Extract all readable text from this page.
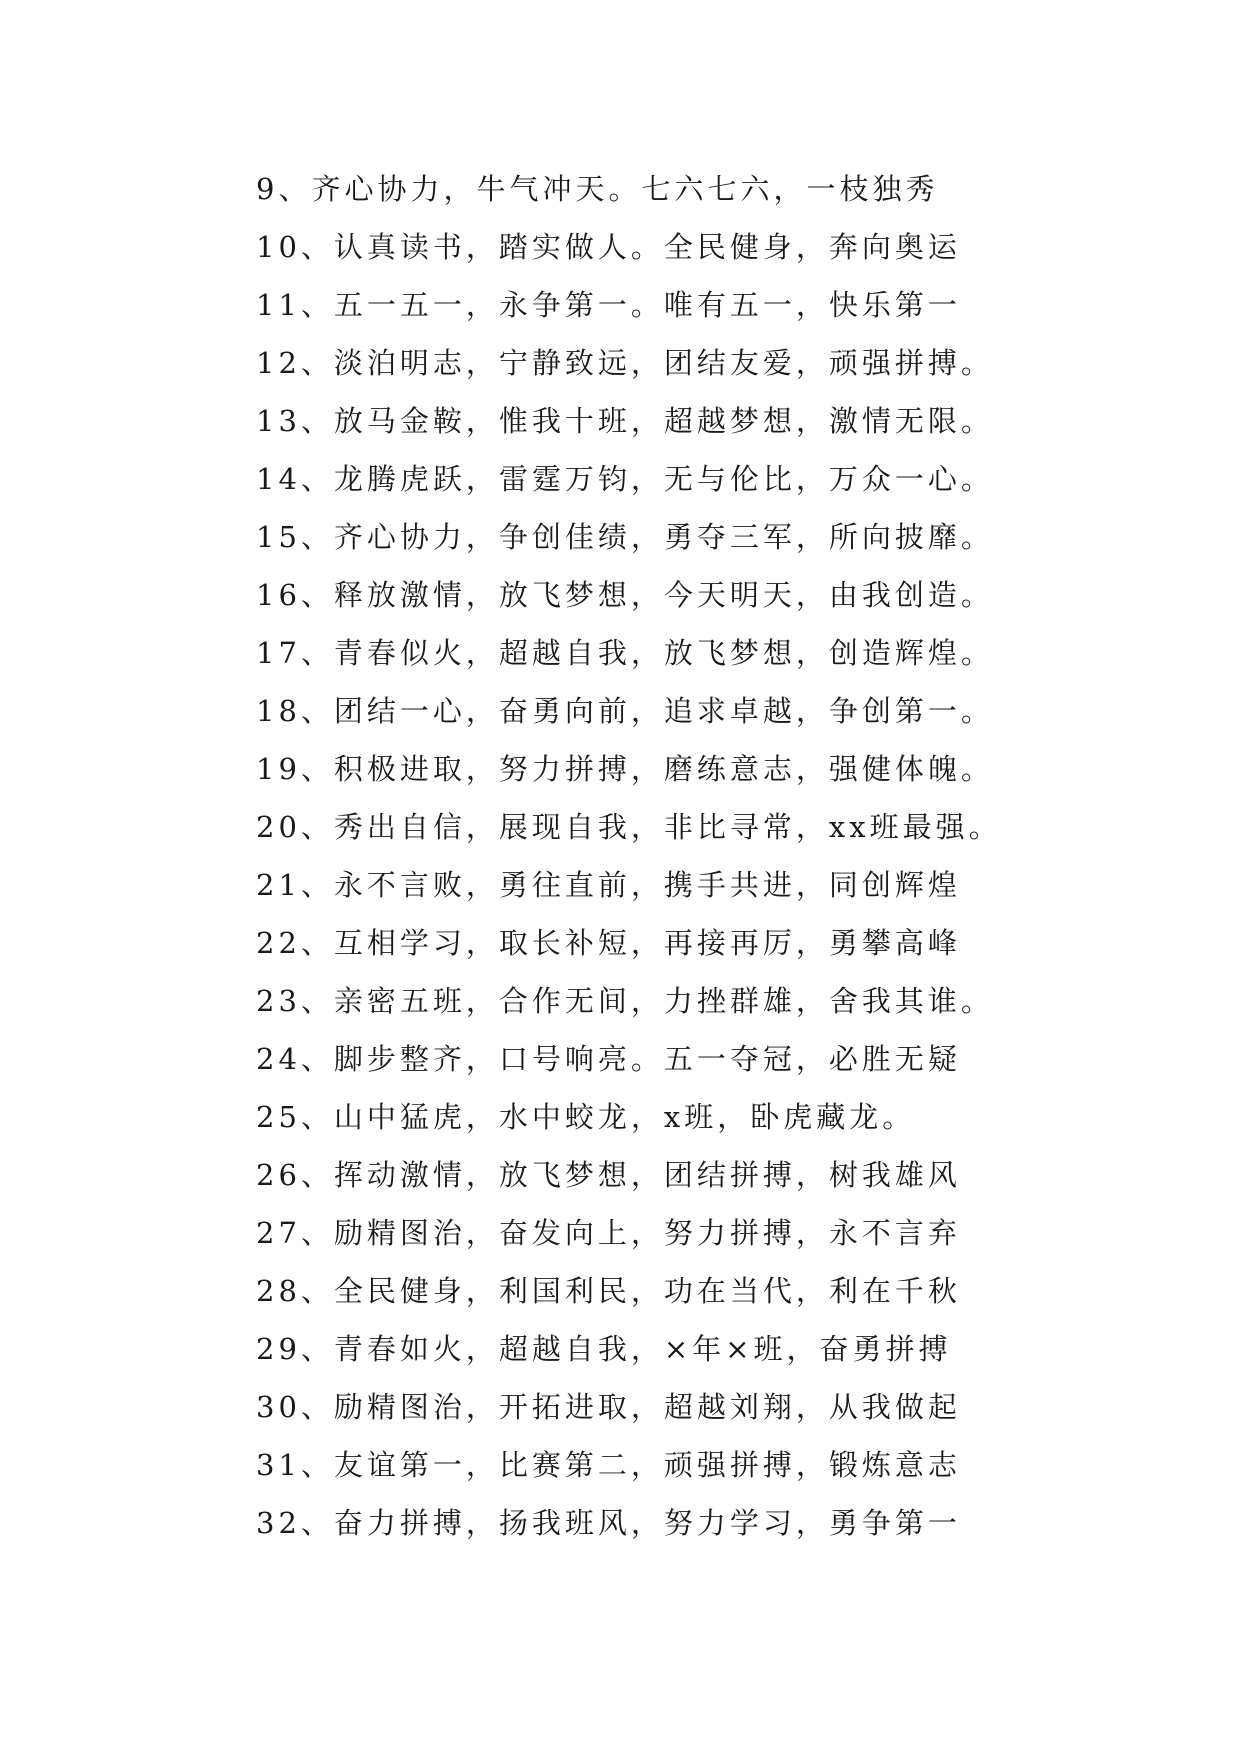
9、齐心协力，牛气冲天。七六七六，一枝独秀
10、认真读书，踏实做人。全民健身，奔向奥运
11、五一五一，永争第一。唯有五一，快乐第一
12、淡泊明志，宁静致远，团结友爱，顽强拼搏。
13、放马金鞍，惟我十班，超越梦想，激情无限。
14、龙腾虎跃，雷霆万钧，无与伦比，万众一心。
15、齐心协力，争创佳绩，勇夺三军，所向披靡。
16、释放激情，放飞梦想，今天明天，由我创造。
17、青春似火，超越自我，放飞梦想，创造辉煌。
18、团结一心，奋勇向前，追求卓越，争创第一。
19、积极进取，努力拼搏，磨练意志，强健体魄。
20、秀出自信，展现自我，非比寻常，xx班最强。
21、永不言败，勇往直前，携手共进，同创辉煌
22、互相学习，取长补短，再接再厉，勇攀高峰
23、亲密五班，合作无间，力挫群雄，舍我其谁。
24、脚步整齐，口号响亮。五一夺冠，必胜无疑
25、山中猛虎，水中蛟龙，x班，卧虎藏龙。
26、挥动激情，放飞梦想，团结拼搏，树我雄风
27、励精图治，奋发向上，努力拼搏，永不言弃
28、全民健身，利国利民，功在当代，利在千秋
29、青春如火，超越自我，×年×班，奋勇拼搏
30、励精图治，开拓进取，超越刘翔，从我做起
31、友谊第一，比赛第二，顽强拼搏，锻炼意志
32、奋力拼搏，扬我班风，努力学习，勇争第一
